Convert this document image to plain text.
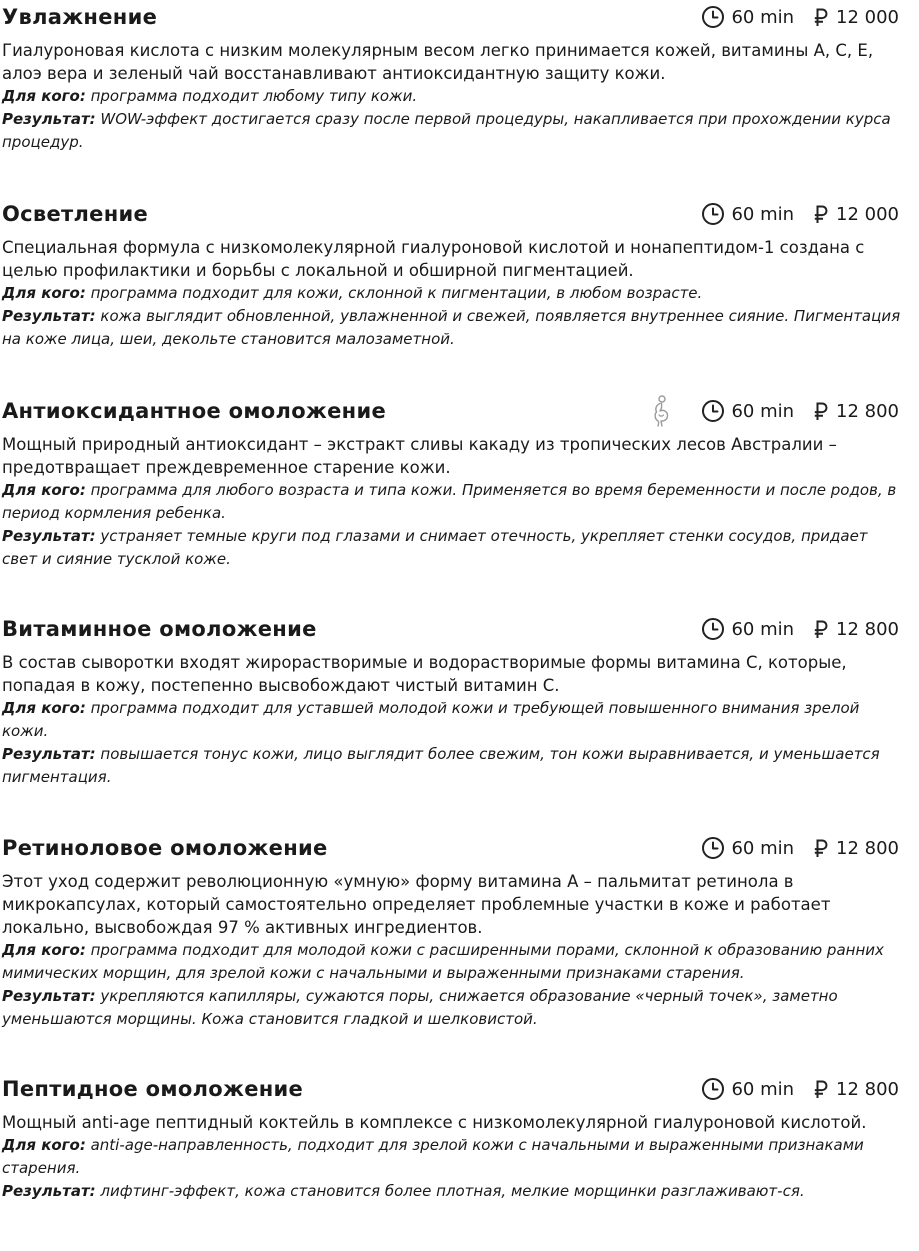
Увлажнение	60 min 12 000

Гиалуроновая кислота с низким молекулярным весом легко принимается кожей, витамины А, С, Е, алоэ вера и зеленый чай восстанавливают антиоксидантную защиту кожи.

Для кого: программа подходит любому типу кожи.

Результат: WOW-эффект достигается сразу после первой процедуры, накапливается при прохождении курса процедур.

Осветление	60 min 12 000

Специальная формула с низкомолекулярной гиалуроновой кислотой и нонапептидом-1 создана с целью профилактики и борьбы с локальной и обширной пигментацией.

Для кого: программа подходит для кожи, склонной к пигментации, в любом возрасте.

Результат: кожа выглядит обновленной, увлажненной и свежей, появляется внутреннее сияние. Пигментация на коже лица, шеи, декольте становится малозаметной.

Антиоксидантное омоложение	60 min 12 800

Мощный природный антиоксидант – экстракт сливы какаду из тропических лесов Австралии – предотвращает преждевременное старение кожи.

Для кого: программа для любого возраста и типа кожи. Применяется во время беременности и после родов, в период кормления ребенка.

Результат: устраняет темные круги под глазами и снимает отечность, укрепляет стенки сосудов, придает свет и сияние тусклой коже.

Витаминное омоложение	60 min 12 800

В состав сыворотки входят жирорастворимые и водорастворимые формы витамина С, которые, попадая в кожу, постепенно высвобождают чистый витамин С.

Для кого: программа подходит для уставшей молодой кожи и требующей повышенного внимания зрелой кожи.

Результат: повышается тонус кожи, лицо выглядит более свежим, тон кожи выравнивается, и уменьшается пигментация.

Ретиноловое омоложение	60 min 12 800

Этот уход содержит революционную «умную» форму витамина А – пальмитат ретинола в микрокапсулах, который самостоятельно определяет проблемные участки в коже и работает локально, высвобождая 97 % активных ингредиентов.

Для кого: программа подходит для молодой кожи с расширенными порами, склонной к образованию ранних мимических морщин, для зрелой кожи с начальными и выраженными признаками старения.

Результат: укрепляются капилляры, сужаются поры, снижается образование «черный точек», заметно уменьшаются морщины. Кожа становится гладкой и шелковистой.

Пептидное омоложение	60 min 12 800

Мощный anti-age пептидный коктейль в комплексе с низкомолекулярной гиалуроновой кислотой.

Для кого: anti-age-направленность, подходит для зрелой кожи с начальными и выраженными признаками старения.

Результат: лифтинг-эффект, кожа становится более плотная, мелкие морщинки разглаживают-ся.
